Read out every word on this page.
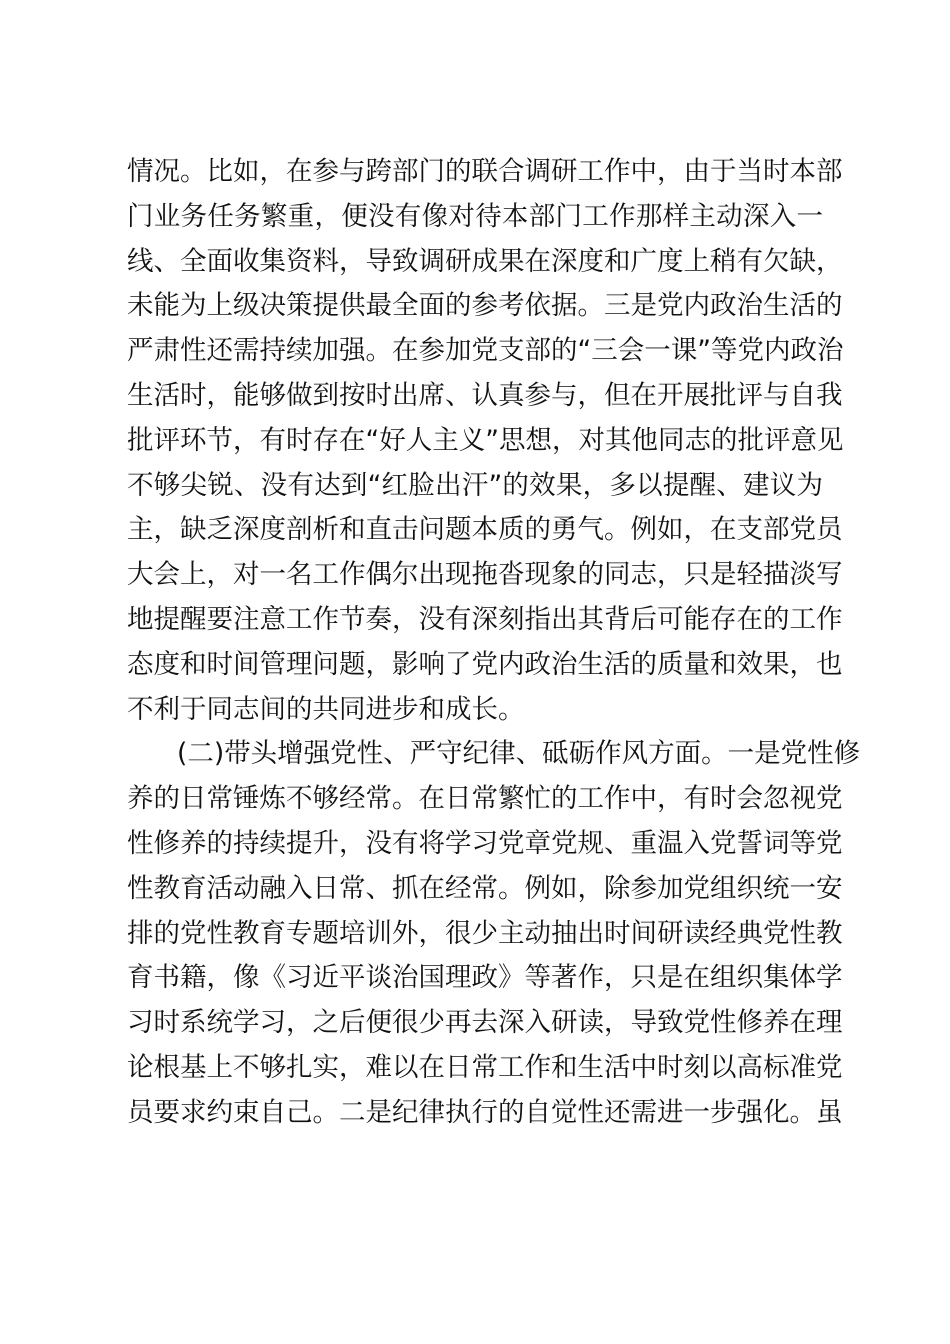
情况。比如，在参与跨部门的联合调研工作中，由于当时本部
门业务任务繁重，便没有像对待本部门工作那样主动深入一
线、全面收集资料，导致调研成果在深度和广度上稍有欠缺，
未能为上级决策提供最全面的参考依据。三是党内政治生活的
严肃性还需持续加强。在参加党支部的“三会一课”等党内政治
生活时，能够做到按时出席、认真参与，但在开展批评与自我
批评环节，有时存在“好人主义”思想，对其他同志的批评意见
不够尖锐、没有达到“红脸出汗”的效果，多以提醒、建议为
主，缺乏深度剖析和直击问题本质的勇气。例如，在支部党员
大会上，对一名工作偶尔出现拖沓现象的同志，只是轻描淡写
地提醒要注意工作节奏，没有深刻指出其背后可能存在的工作
态度和时间管理问题，影响了党内政治生活的质量和效果，也
不利于同志间的共同进步和成长。
(二)带头增强党性、严守纪律、砥砺作风方面。一是党性修
养的日常锤炼不够经常。在日常繁忙的工作中，有时会忽视党
性修养的持续提升，没有将学习党章党规、重温入党誓词等党
性教育活动融入日常、抓在经常。例如，除参加党组织统一安
排的党性教育专题培训外，很少主动抽出时间研读经典党性教
育书籍，像《习近平谈治国理政》等著作，只是在组织集体学
习时系统学习，之后便很少再去深入研读，导致党性修养在理
论根基上不够扎实，难以在日常工作和生活中时刻以高标准党
员要求约束自己。二是纪律执行的自觉性还需进一步强化。虽
